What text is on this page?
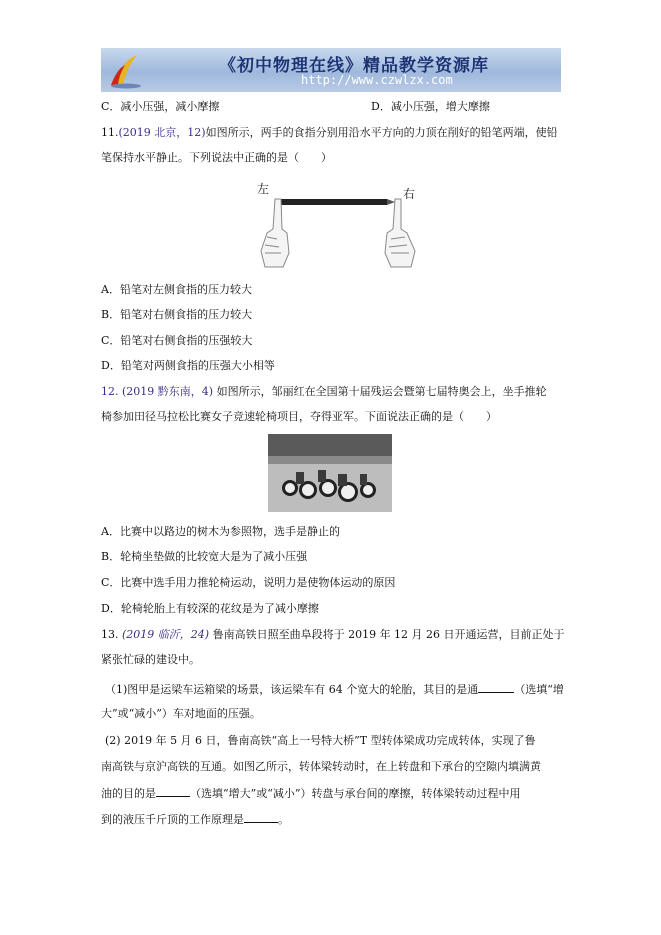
《初中物理在线》精品教学资源库
http://www.czwlzx.com
C．减小压强，减小摩擦	D．减小压强，增大摩擦
11.(2019 北京，12)如图所示，两手的食指分别用沿水平方向的力顶在削好的铅笔两端，使铅
笔保持水平静止。下列说法中正确的是（　　）
左	右
A．铅笔对左侧食指的压力较大
B．铅笔对右侧食指的压力较大
C．铅笔对右侧食指的压强较大
D．铅笔对两侧食指的压强大小相等
12. (2019 黔东南，4) 如图所示，邹丽红在全国第十届残运会暨第七届特奥会上，坐手推轮
椅参加田径马拉松比赛女子竞速轮椅项目，夺得亚军。下面说法正确的是（　　）
A．比赛中以路边的树木为参照物，选手是静止的
B．轮椅坐垫做的比较宽大是为了减小压强
C．比赛中选手用力推轮椅运动，说明力是使物体运动的原因
D．轮椅轮胎上有较深的花纹是为了减小摩擦
13. (2019 临沂，24) 鲁南高铁日照至曲阜段将于 2019 年 12 月 26 日开通运营，目前正处于
紧张忙碌的建设中。
（1)图甲是运梁车运箱梁的场景，该运梁车有 64 个宽大的轮胎，其目的是通	（选填“增
大”或“减小”）车对地面的压强。
(2) 2019 年 5 月 6 日，鲁南高铁“高上一号特大桥”T 型转体梁成功完成转体，实现了鲁
南高铁与京沪高铁的互通。如图乙所示，转体梁转动时，在上转盘和下承台的空隙内填满黄
油的目的是	（选填“增大”或“减小”）转盘与承台间的摩擦，转体梁转动过程中用
到的液压千斤顶的工作原理是	。
